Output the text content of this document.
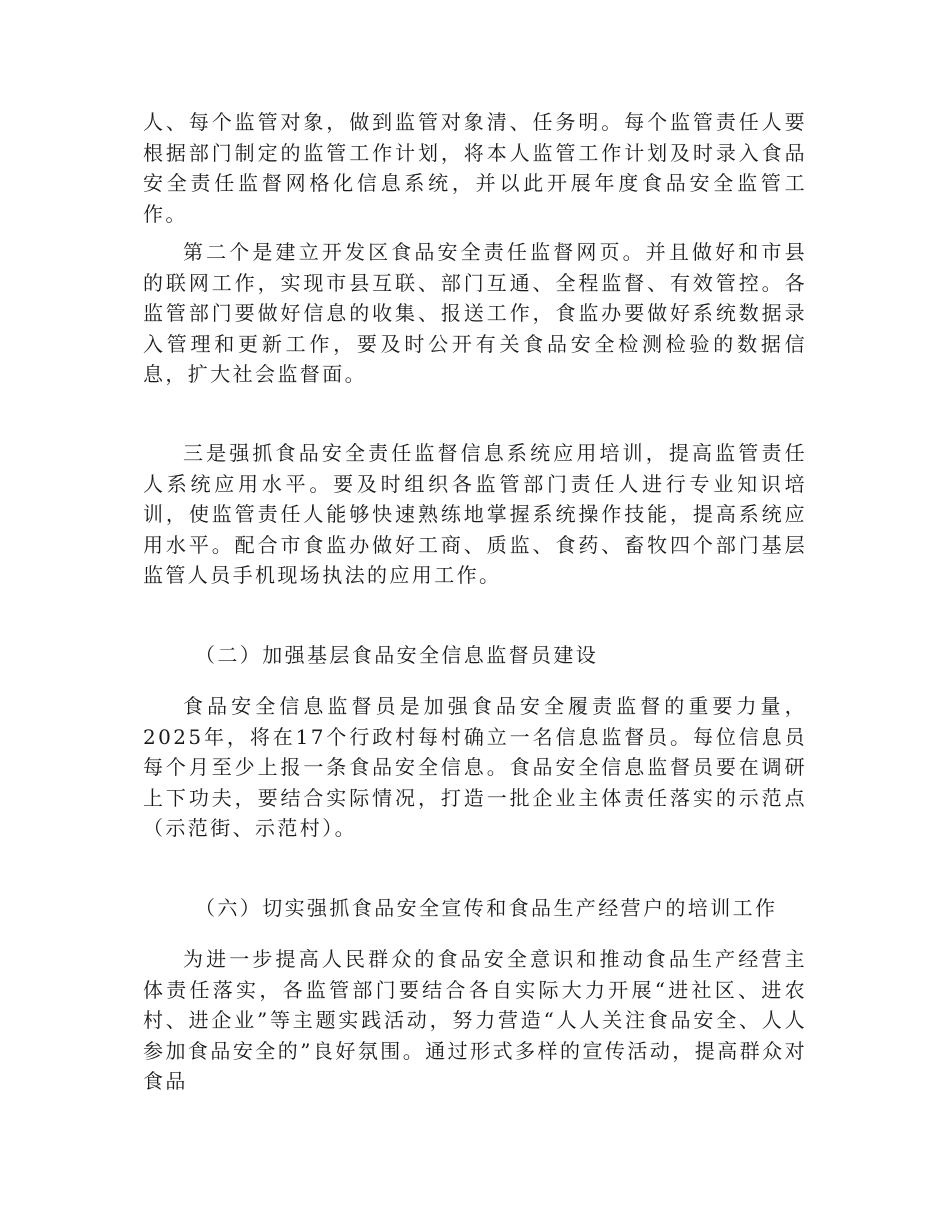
人、每个监管对象，做到监管对象清、任务明。每个监管责任人要根据部门制定的监管工作计划，将本人监管工作计划及时录入食品安全责任监督网格化信息系统，并以此开展年度食品安全监管工作。

第二个是建立开发区食品安全责任监督网页。并且做好和市县的联网工作，实现市县互联、部门互通、全程监督、有效管控。各监管部门要做好信息的收集、报送工作，食监办要做好系统数据录入管理和更新工作，要及时公开有关食品安全检测检验的数据信息，扩大社会监督面。

三是强抓食品安全责任监督信息系统应用培训，提高监管责任人系统应用水平。要及时组织各监管部门责任人进行专业知识培训，使监管责任人能够快速熟练地掌握系统操作技能，提高系统应用水平。配合市食监办做好工商、质监、食药、畜牧四个部门基层监管人员手机现场执法的应用工作。

（二）加强基层食品安全信息监督员建设

食品安全信息监督员是加强食品安全履责监督的重要力量，2025年，将在17个行政村每村确立一名信息监督员。每位信息员每个月至少上报一条食品安全信息。食品安全信息监督员要在调研上下功夫，要结合实际情况，打造一批企业主体责任落实的示范点（示范街、示范村）。

（六）切实强抓食品安全宣传和食品生产经营户的培训工作

为进一步提高人民群众的食品安全意识和推动食品生产经营主体责任落实，各监管部门要结合各自实际大力开展“进社区、进农村、进企业”等主题实践活动，努力营造“人人关注食品安全、人人参加食品安全的”良好氛围。通过形式多样的宣传活动，提高群众对食品
